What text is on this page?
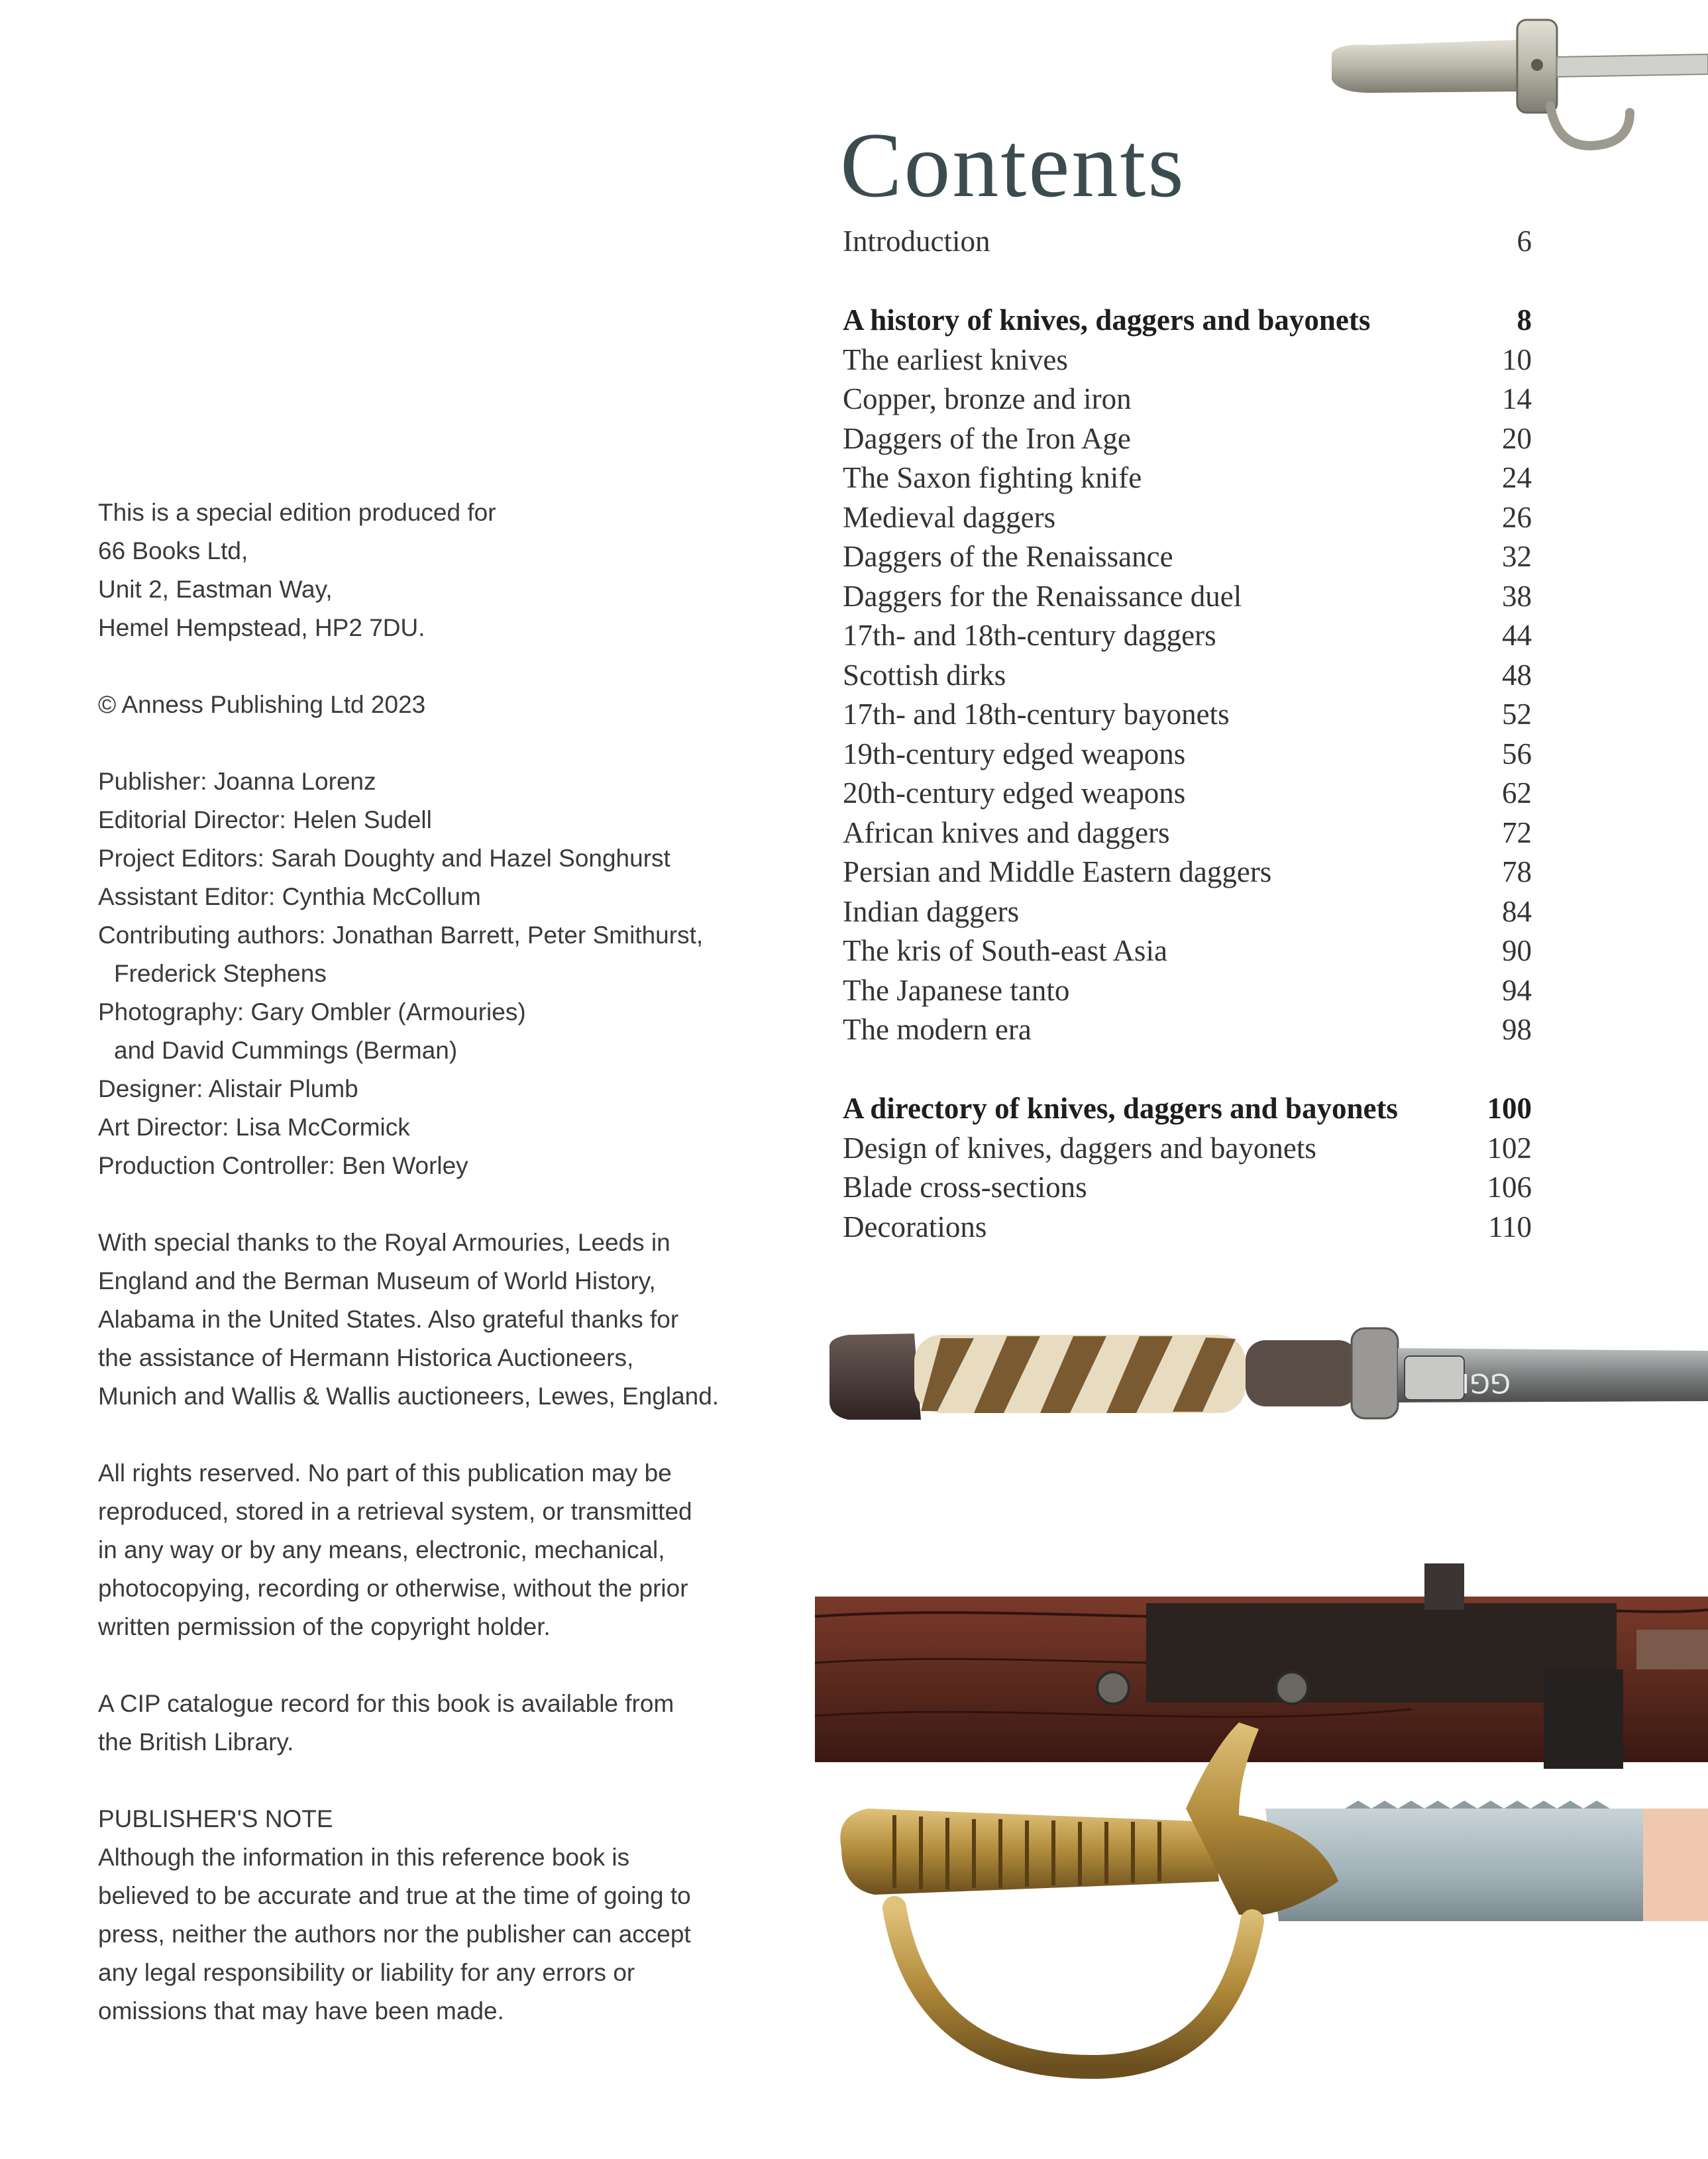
This is a special edition produced for
66 Books Ltd,
Unit 2, Eastman Way,
Hemel Hempstead, HP2 7DU.
© Anness Publishing Ltd 2023
Publisher: Joanna Lorenz
Editorial Director: Helen Sudell
Project Editors: Sarah Doughty and Hazel Songhurst
Assistant Editor: Cynthia McCollum
Contributing authors: Jonathan Barrett, Peter Smithurst,
Frederick Stephens
Photography: Gary Ombler (Armouries)
and David Cummings (Berman)
Designer: Alistair Plumb
Art Director: Lisa McCormick
Production Controller: Ben Worley
With special thanks to the Royal Armouries, Leeds in
England and the Berman Museum of World History,
Alabama in the United States. Also grateful thanks for
the assistance of Hermann Historica Auctioneers,
Munich and Wallis & Wallis auctioneers, Lewes, England.
All rights reserved. No part of this publication may be
reproduced, stored in a retrieval system, or transmitted
in any way or by any means, electronic, mechanical,
photocopying, recording or otherwise, without the prior
written permission of the copyright holder.
A CIP catalogue record for this book is available from
the British Library.
PUBLISHER'S NOTE
Although the information in this reference book is
believed to be accurate and true at the time of going to
press, neither the authors nor the publisher can accept
any legal responsibility or liability for any errors or
omissions that may have been made.
Contents
Introduction	6
A history of knives, daggers and bayonets	8
The earliest knives	10
Copper, bronze and iron	14
Daggers of the Iron Age	20
The Saxon fighting knife	24
Medieval daggers	26
Daggers of the Renaissance	32
Daggers for the Renaissance duel	38
17th- and 18th-century daggers	44
Scottish dirks	48
17th- and 18th-century bayonets	52
19th-century edged weapons	56
20th-century edged weapons	62
African knives and daggers	72
Persian and Middle Eastern daggers	78
Indian daggers	84
The kris of South-east Asia	90
The Japanese tanto	94
The modern era	98
A directory of knives, daggers and bayonets	100
Design of knives, daggers and bayonets	102
Blade cross-sections	106
Decorations	110
GGI
